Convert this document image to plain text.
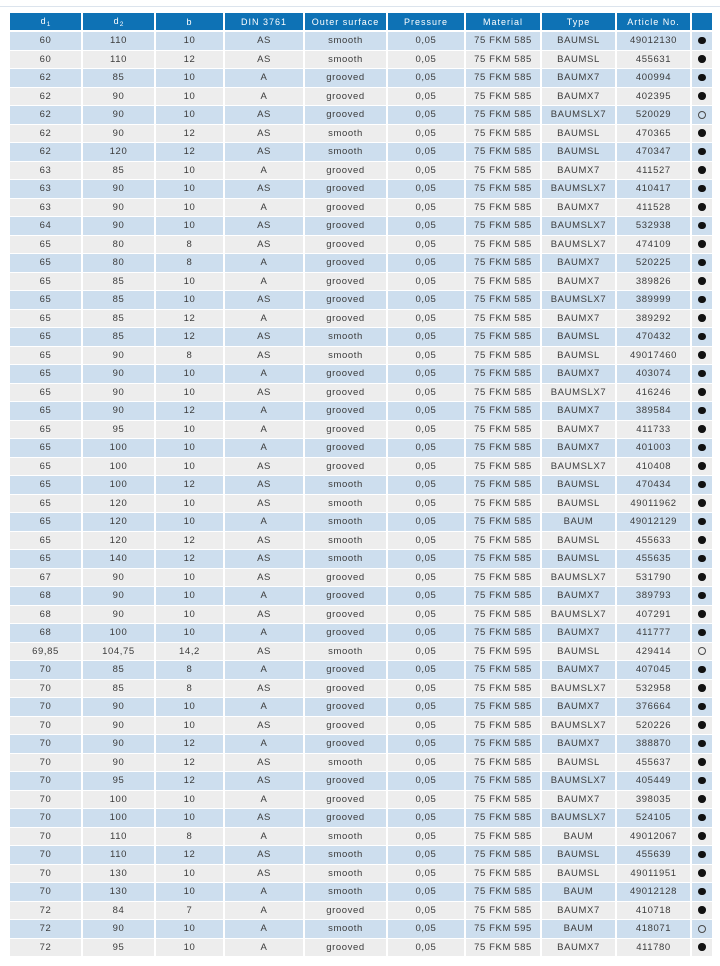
$d_1$	$d_2$	b	DIN 3761	Outer surface	Pressure	Material	Type	Article No.	
60	110	10	AS	smooth	0,05	75 FKM 585	BAUMSL	49012130	
60	110	12	AS	smooth	0,05	75 FKM 585	BAUMSL	455631	
62	85	10	A	grooved	0,05	75 FKM 585	BAUMX7	400994	
62	90	10	A	grooved	0,05	75 FKM 585	BAUMX7	402395	
62	90	10	AS	grooved	0,05	75 FKM 585	BAUMSLX7	520029	
62	90	12	AS	smooth	0,05	75 FKM 585	BAUMSL	470365	
62	120	12	AS	smooth	0,05	75 FKM 585	BAUMSL	470347	
63	85	10	A	grooved	0,05	75 FKM 585	BAUMX7	411527	
63	90	10	AS	grooved	0,05	75 FKM 585	BAUMSLX7	410417	
63	90	10	A	grooved	0,05	75 FKM 585	BAUMX7	411528	
64	90	10	AS	grooved	0,05	75 FKM 585	BAUMSLX7	532938	
65	80	8	AS	grooved	0,05	75 FKM 585	BAUMSLX7	474109	
65	80	8	A	grooved	0,05	75 FKM 585	BAUMX7	520225	
65	85	10	A	grooved	0,05	75 FKM 585	BAUMX7	389826	
65	85	10	AS	grooved	0,05	75 FKM 585	BAUMSLX7	389999	
65	85	12	A	grooved	0,05	75 FKM 585	BAUMX7	389292	
65	85	12	AS	smooth	0,05	75 FKM 585	BAUMSL	470432	
65	90	8	AS	smooth	0,05	75 FKM 585	BAUMSL	49017460	
65	90	10	A	grooved	0,05	75 FKM 585	BAUMX7	403074	
65	90	10	AS	grooved	0,05	75 FKM 585	BAUMSLX7	416246	
65	90	12	A	grooved	0,05	75 FKM 585	BAUMX7	389584	
65	95	10	A	grooved	0,05	75 FKM 585	BAUMX7	411733	
65	100	10	A	grooved	0,05	75 FKM 585	BAUMX7	401003	
65	100	10	AS	grooved	0,05	75 FKM 585	BAUMSLX7	410408	
65	100	12	AS	smooth	0,05	75 FKM 585	BAUMSL	470434	
65	120	10	AS	smooth	0,05	75 FKM 585	BAUMSL	49011962	
65	120	10	A	smooth	0,05	75 FKM 585	BAUM	49012129	
65	120	12	AS	smooth	0,05	75 FKM 585	BAUMSL	455633	
65	140	12	AS	smooth	0,05	75 FKM 585	BAUMSL	455635	
67	90	10	AS	grooved	0,05	75 FKM 585	BAUMSLX7	531790	
68	90	10	A	grooved	0,05	75 FKM 585	BAUMX7	389793	
68	90	10	AS	grooved	0,05	75 FKM 585	BAUMSLX7	407291	
68	100	10	A	grooved	0,05	75 FKM 585	BAUMX7	411777	
69,85	104,75	14,2	AS	smooth	0,05	75 FKM 595	BAUMSL	429414	
70	85	8	A	grooved	0,05	75 FKM 585	BAUMX7	407045	
70	85	8	AS	grooved	0,05	75 FKM 585	BAUMSLX7	532958	
70	90	10	A	grooved	0,05	75 FKM 585	BAUMX7	376664	
70	90	10	AS	grooved	0,05	75 FKM 585	BAUMSLX7	520226	
70	90	12	A	grooved	0,05	75 FKM 585	BAUMX7	388870	
70	90	12	AS	smooth	0,05	75 FKM 585	BAUMSL	455637	
70	95	12	AS	grooved	0,05	75 FKM 585	BAUMSLX7	405449	
70	100	10	A	grooved	0,05	75 FKM 585	BAUMX7	398035	
70	100	10	AS	grooved	0,05	75 FKM 585	BAUMSLX7	524105	
70	110	8	A	smooth	0,05	75 FKM 585	BAUM	49012067	
70	110	12	AS	smooth	0,05	75 FKM 585	BAUMSL	455639	
70	130	10	AS	smooth	0,05	75 FKM 585	BAUMSL	49011951	
70	130	10	A	smooth	0,05	75 FKM 585	BAUM	49012128	
72	84	7	A	grooved	0,05	75 FKM 585	BAUMX7	410718	
72	90	10	A	smooth	0,05	75 FKM 595	BAUM	418071	
72	95	10	A	grooved	0,05	75 FKM 585	BAUMX7	411780	
